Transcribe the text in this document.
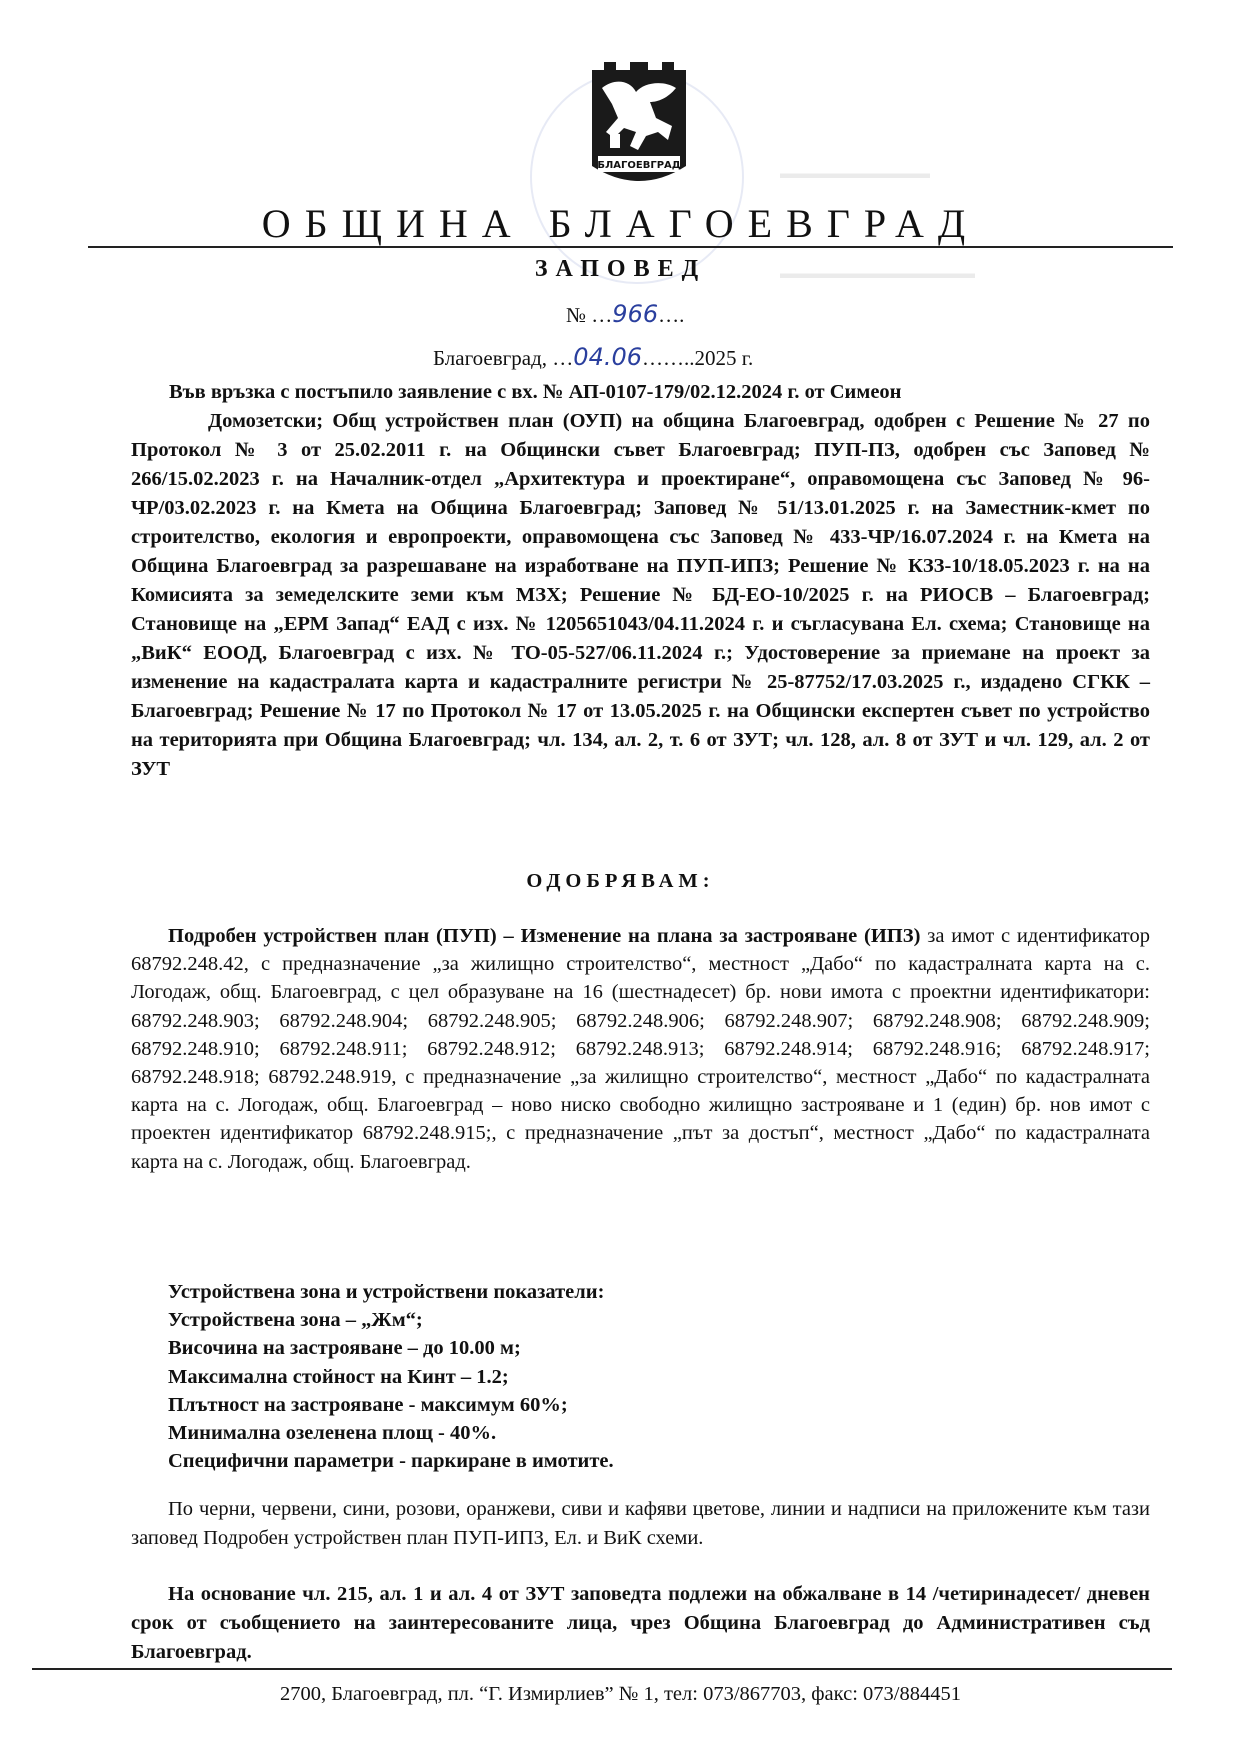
▬▬▬▬▬▬▬▬▬▬
▬▬▬▬▬▬▬▬▬▬▬▬▬
БЛАГОЕВГРАД
ОБЩИНА БЛАГОЕВГРАД
ЗАПОВЕД
№ …966….
Благоевград, …04.06……..2025 г.

Във връзка с постъпило заявление с вх. № АП-0107-179/02.12.2024 г. от Симеон
Домозетски; Общ устройствен план (ОУП) на община Благоевград, одобрен с Решение № 27 по Протокол № 3 от 25.02.2011 г. на Общински съвет Благоевград; ПУП-ПЗ, одобрен със Заповед № 266/15.02.2023 г. на Началник-отдел „Архитектура и проектиране“, оправомощена със Заповед № 96-ЧР/03.02.2023 г. на Кмета на Община Благоевград; Заповед № 51/13.01.2025 г. на Заместник-кмет по строителство, екология и европроекти, оправомощена със Заповед № 433-ЧР/16.07.2024 г. на Кмета на Община Благоевград за разрешаване на изработване на ПУП-ИПЗ; Решение № КЗЗ-10/18.05.2023 г. на на Комисията за земеделските земи към МЗХ; Решение № БД-ЕО-10/2025 г. на РИОСВ – Благоевград; Становище на „ЕРМ Запад“ ЕАД с изх. № 1205651043/04.11.2024 г. и съгласувана Ел. схема; Становище на „ВиК“ ЕООД, Благоевград с изх. № ТО-05-527/06.11.2024 г.; Удостоверение за приемане на проект за изменение на кадастралата карта и кадастралните регистри № 25-87752/17.03.2025 г., издадено СГКК – Благоевград; Решение № 17 по Протокол № 17 от 13.05.2025 г. на Общински експертен съвет по устройство на територията при Община Благоевград; чл. 134, ал. 2, т. 6 от ЗУТ; чл. 128, ал. 8 от ЗУТ и чл. 129, ал. 2 от ЗУТ

ОДОБРЯВАМ:

Подробен устройствен план (ПУП) – Изменение на плана за застрояване (ИПЗ) за имот с идентификатор 68792.248.42, с предназначение „за жилищно строителство“, местност „Дабо“ по кадастралната карта на с. Логодаж, общ. Благоевград, с цел образуване на 16 (шестнадесет) бр. нови имота с проектни идентификатори: 68792.248.903; 68792.248.904; 68792.248.905; 68792.248.906; 68792.248.907; 68792.248.908; 68792.248.909; 68792.248.910; 68792.248.911; 68792.248.912; 68792.248.913; 68792.248.914; 68792.248.916; 68792.248.917; 68792.248.918; 68792.248.919, с предназначение „за жилищно строителство“, местност „Дабо“ по кадастралната карта на с. Логодаж, общ. Благоевград – ново ниско свободно жилищно застрояване и 1 (един) бр. нов имот с проектен идентификатор 68792.248.915;, с предназначение „път за достъп“, местност „Дабо“ по кадастралната карта на с. Логодаж, общ. Благоевград.

Устройствена зона и устройствени показатели:
Устройствена зона – „Жм“;
Височина на застрояване – до 10.00 м;
Максимална стойност на Кинт – 1.2;
Плътност на застрояване - максимум 60%;
Минимална озеленена площ - 40%.
Специфични параметри - паркиране в имотите.

По черни, червени, сини, розови, оранжеви, сиви и кафяви цветове, линии и надписи на приложените към тази заповед Подробен устройствен план ПУП-ИПЗ, Ел. и ВиК схеми.

На основание чл. 215, ал. 1 и ал. 4 от ЗУТ заповедта подлежи на обжалване в 14 /четиринадесет/ дневен срок от съобщението на заинтересованите лица, чрез Община Благоевград до Административен съд Благоевград.

2700, Благоевград, пл. “Г. Измирлиев” № 1, тел: 073/867703, факс: 073/884451
